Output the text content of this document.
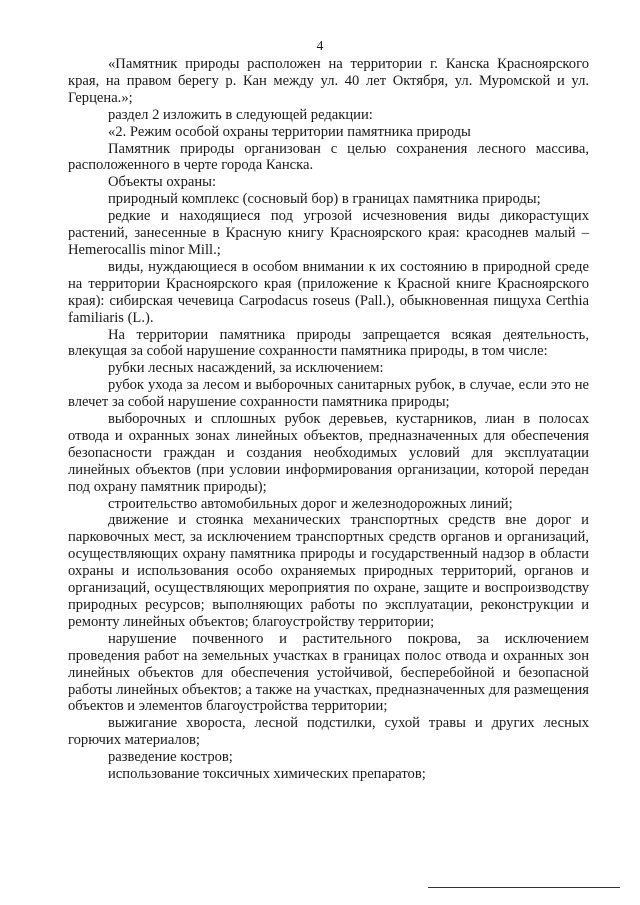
4

«Памятник природы расположен на территории г. Канска Красноярского края, на правом берегу р. Кан между ул. 40 лет Октября, ул. Муромской и ул. Герцена.»;

раздел 2 изложить в следующей редакции:

«2. Режим особой охраны территории памятника природы

Памятник природы организован с целью сохранения лесного массива, расположенного в черте города Канска.

Объекты охраны:

природный комплекс (сосновый бор) в границах памятника природы;

редкие и находящиеся под угрозой исчезновения виды дикорастущих растений, занесенные в Красную книгу Красноярского края: красоднев малый – Hemerocallis minor Mill.;

виды, нуждающиеся в особом внимании к их состоянию в природной среде на территории Красноярского края (приложение к Красной книге Красноярского края): сибирская чечевица Carpodacus roseus (Pall.), обыкновенная пищуха Certhia familiaris (L.).

На территории памятника природы запрещается всякая деятельность, влекущая за собой нарушение сохранности памятника природы, в том числе:

рубки лесных насаждений, за исключением:

рубок ухода за лесом и выборочных санитарных рубок, в случае, если это не влечет за собой нарушение сохранности памятника природы;

выборочных и сплошных рубок деревьев, кустарников, лиан в полосах отвода и охранных зонах линейных объектов, предназначенных для обеспечения безопасности граждан и создания необходимых условий для эксплуатации линейных объектов (при условии информирования организации, которой передан под охрану памятник природы);

строительство автомобильных дорог и железнодорожных линий;

движение и стоянка механических транспортных средств вне дорог и парковочных мест, за исключением транспортных средств органов и организаций, осуществляющих охрану памятника природы и государственный надзор в области охраны и использования особо охраняемых природных территорий, органов и организаций, осуществляющих мероприятия по охране, защите и воспроизводству природных ресурсов; выполняющих работы по эксплуатации, реконструкции и ремонту линейных объектов; благоустройству территории;

нарушение почвенного и растительного покрова, за исключением проведения работ на земельных участках в границах полос отвода и охранных зон линейных объектов для обеспечения устойчивой, бесперебойной и безопасной работы линейных объектов; а также на участках, предназначенных для размещения объектов и элементов благоустройства территории;

выжигание хвороста, лесной подстилки, сухой травы и других лесных горючих материалов;

разведение костров;

использование токсичных химических препаратов;
